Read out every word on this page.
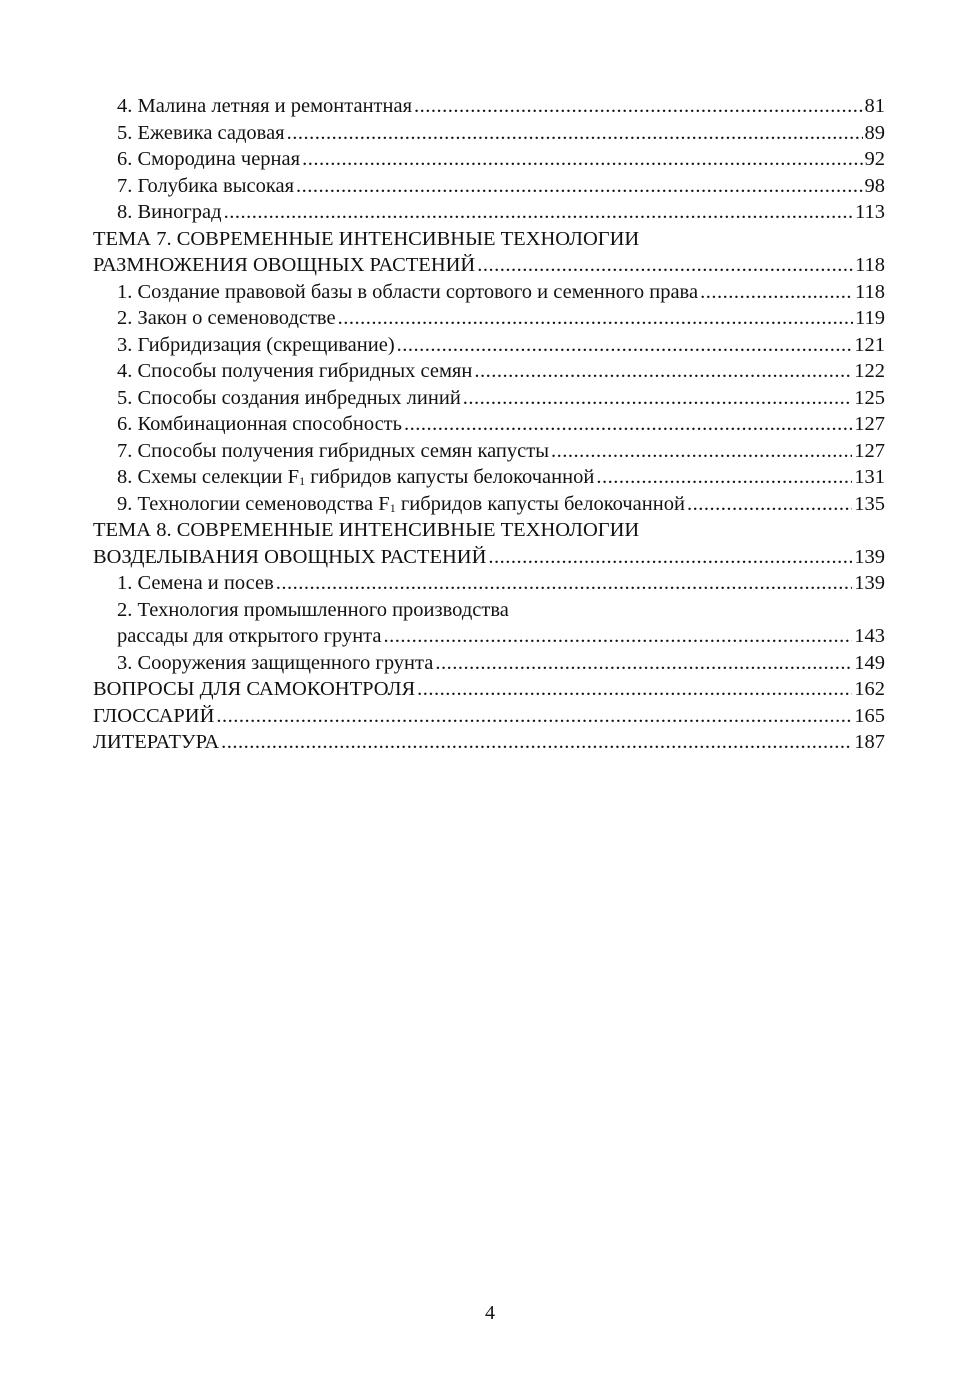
4. Малина летняя и ремонтантная .....	81
5. Ежевика садовая .....	89
6. Смородина черная .....	92
7. Голубика высокая .....	98
8. Виноград .....	113
ТЕМА 7. СОВРЕМЕННЫЕ ИНТЕНСИВНЫЕ ТЕХНОЛОГИИ
РАЗМНОЖЕНИЯ ОВОЩНЫХ РАСТЕНИЙ .....	118
1. Создание правовой базы в области сортового и семенного права .....	118
2. Закон о семеноводстве .....	119
3. Гибридизация (скрещивание) .....	121
4. Способы получения гибридных семян .....	122
5. Способы создания инбредных линий .....	125
6. Комбинационная способность .....	127
7. Способы получения гибридных семян капусты .....	127
8. Схемы селекции $F_1$ гибридов капусты белокочанной .....	131
9. Технологии семеноводства $F_1$ гибридов капусты белокочанной .....	135
ТЕМА 8. СОВРЕМЕННЫЕ ИНТЕНСИВНЫЕ ТЕХНОЛОГИИ
ВОЗДЕЛЫВАНИЯ ОВОЩНЫХ РАСТЕНИЙ .....	139
1. Семена и посев .....	139
2. Технология промышленного производства
рассады для открытого грунта .....	143
3. Сооружения защищенного грунта .....	149
ВОПРОСЫ ДЛЯ САМОКОНТРОЛЯ .....	162
ГЛОССАРИЙ .....	165
ЛИТЕРАТУРА .....	187
4
